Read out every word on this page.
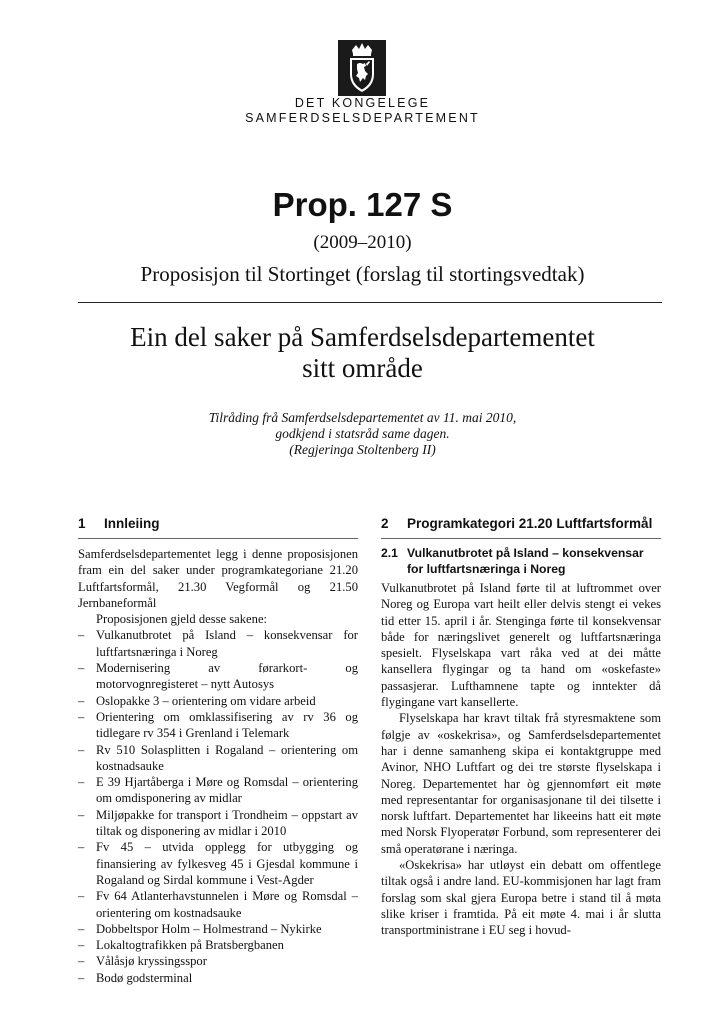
DET KONGELEGE
SAMFERDSELSDEPARTEMENT
Prop. 127 S
(2009–2010)
Proposisjon til Stortinget (forslag til stortingsvedtak)
Ein del saker på Samferdselsdepartementet
sitt område
Tilråding frå Samferdselsdepartementet av 11. mai 2010,
godkjend i statsråd same dagen.
(Regjeringa Stoltenberg II)
1	Innleiing

Samferdselsdepartementet legg i denne proposisjonen fram ein del saker under programkategoriane 21.20 Luftfartsformål, 21.30 Vegformål og 21.50 Jernbaneformål

Proposisjonen gjeld desse sakene:

– Vulkanutbrotet på Island – konsekvensar for luftfartsnæringa i Noreg
– Modernisering av førarkort- og motorvognregisteret – nytt Autosys
– Oslopakke 3 – orientering om vidare arbeid
– Orientering om omklassifisering av rv 36 og tidlegare rv 354 i Grenland i Telemark
– Rv 510 Solasplitten i Rogaland – orientering om kostnadsauke
– E 39 Hjartåberga i Møre og Romsdal – orientering om omdisponering av midlar
– Miljøpakke for transport i Trondheim – oppstart av tiltak og disponering av midlar i 2010
– Fv 45 – utvida opplegg for utbygging og finansiering av fylkesveg 45 i Gjesdal kommune i Rogaland og Sirdal kommune i Vest-Agder
– Fv 64 Atlanterhavstunnelen i Møre og Romsdal – orientering om kostnadsauke
– Dobbeltspor Holm – Holmestrand – Nykirke
– Lokaltogtrafikken på Bratsbergbanen
– Vålåsjø kryssingsspor
– Bodø godsterminal
2	Programkategori 21.20 Luftfartsformål
2.1 Vulkanutbrotet på Island – konsekvensar for luftfartsnæringa i Noreg

Vulkanutbrotet på Island førte til at luftrommet over Noreg og Europa vart heilt eller delvis stengt ei vekes tid etter 15. april i år. Stenginga førte til konsekvensar både for næringslivet generelt og luftfartsnæringa spesielt. Flyselskapa vart råka ved at dei måtte kansellera flygingar og ta hand om «oskefaste» passasjerar. Lufthamnene tapte og inntekter då flygingane vart kansellerte.

Flyselskapa har kravt tiltak frå styresmaktene som følgje av «oskekrisa», og Samferdselsdepartementet har i denne samanheng skipa ei kontaktgruppe med Avinor, NHO Luftfart og dei tre største flyselskapa i Noreg. Departementet har òg gjennomført eit møte med representantar for organisasjonane til dei tilsette i norsk luftfart. Departementet har likeeins hatt eit møte med Norsk Flyoperatør Forbund, som representerer dei små operatørane i næringa.

«Oskekrisa» har utløyst ein debatt om offentlege tiltak også i andre land. EU-kommisjonen har lagt fram forslag som skal gjera Europa betre i stand til å møta slike kriser i framtida. På eit møte 4. mai i år slutta transportministrane i EU seg i hovud-
